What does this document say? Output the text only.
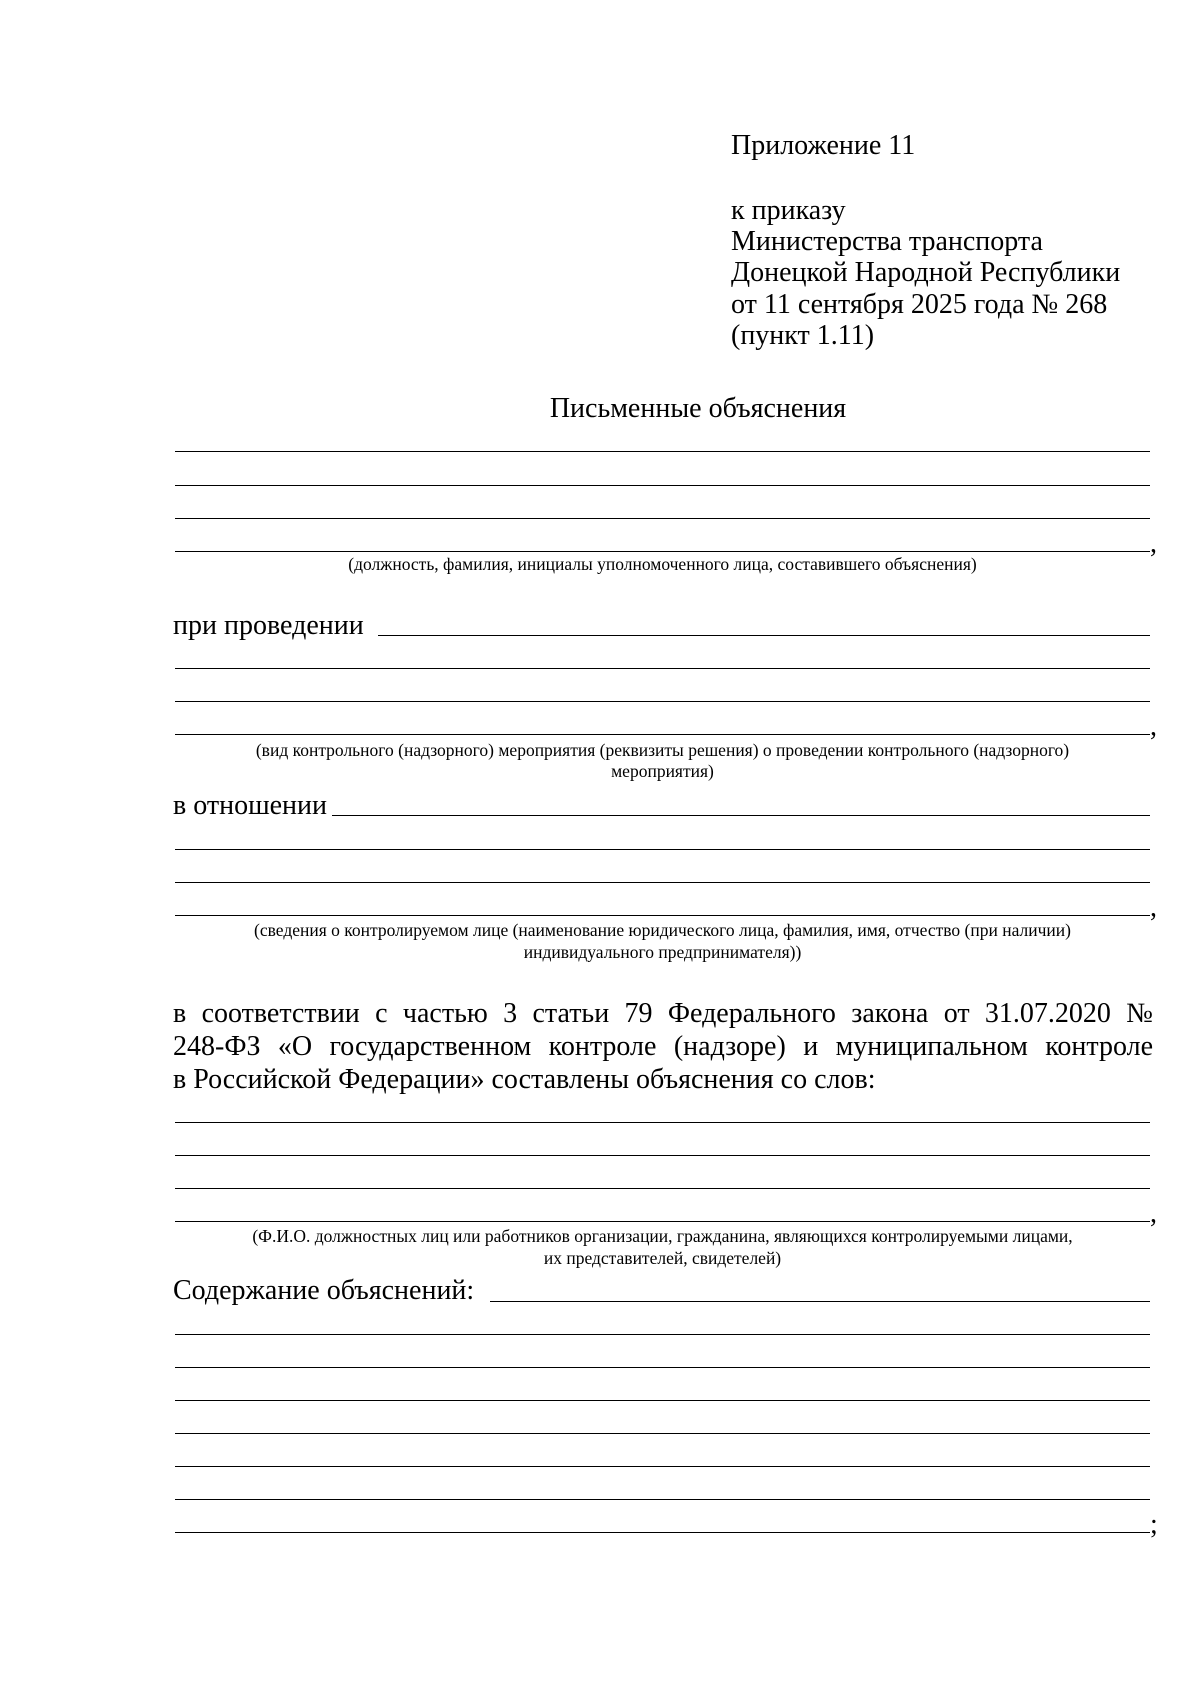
Приложение 11
к приказу
Министерства транспорта
Донецкой Народной Республики
от 11 сентября 2025 года № 268
(пункт 1.11)
Письменные объяснения
,
(должность, фамилия, инициалы уполномоченного лица, составившего объяснения)
при проведении
,
(вид контрольного (надзорного) мероприятия (реквизиты решения) о проведении контрольного (надзорного)
мероприятия)
в отношении
,
(сведения о контролируемом лице (наименование юридического лица, фамилия, имя, отчество (при наличии)
индивидуального предпринимателя))
в соответствии с частью 3 статьи 79 Федерального закона от 31.07.2020 №
248-ФЗ «О государственном контроле (надзоре) и муниципальном контроле
в Российской Федерации» составлены объяснения со слов:
,
(Ф.И.О. должностных лиц или работников организации, гражданина, являющихся контролируемыми лицами,
их представителей, свидетелей)
Содержание объяснений:
;
